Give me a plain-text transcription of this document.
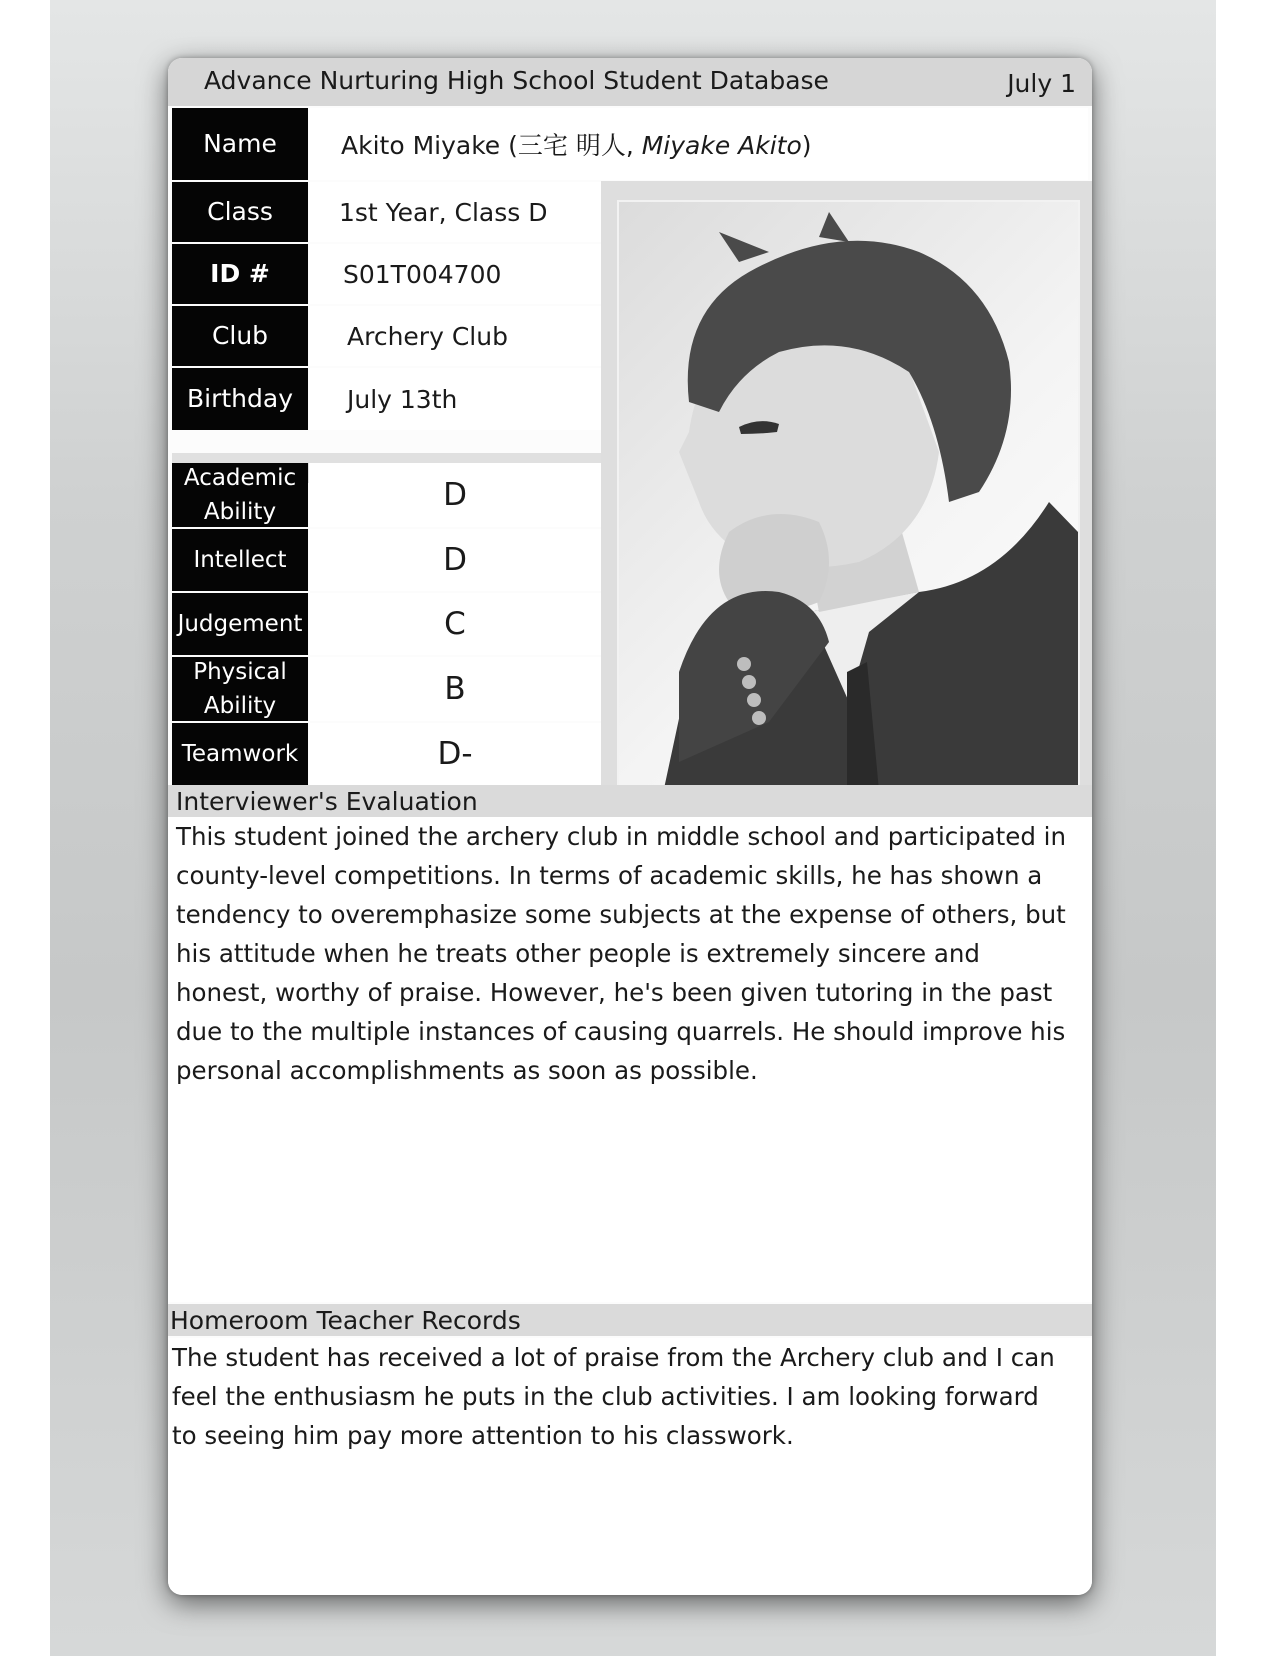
Advance Nurturing High School Student Database	July 1
Name	Akito Miyake (三宅 明人, Miyake Akito)
Class	1st Year, Class D
ID #	S01T004700
Club	Archery Club
Birthday	July 13th
Academic
Ability	D
Intellect	D
Judgement	C
Physical
Ability	B
Teamwork	D-
Interviewer's Evaluation
This student joined the archery club in middle school and participated in county-level competitions. In terms of academic skills, he has shown a tendency to overemphasize some subjects at the expense of others, but his attitude when he treats other people is extremely sincere and honest, worthy of praise. However, he's been given tutoring in the past due to the multiple instances of causing quarrels. He should improve his personal accomplishments as soon as possible.
Homeroom Teacher Records
The student has received a lot of praise from the Archery club and I can feel the enthusiasm he puts in the club activities. I am looking forward to seeing him pay more attention to his classwork.
